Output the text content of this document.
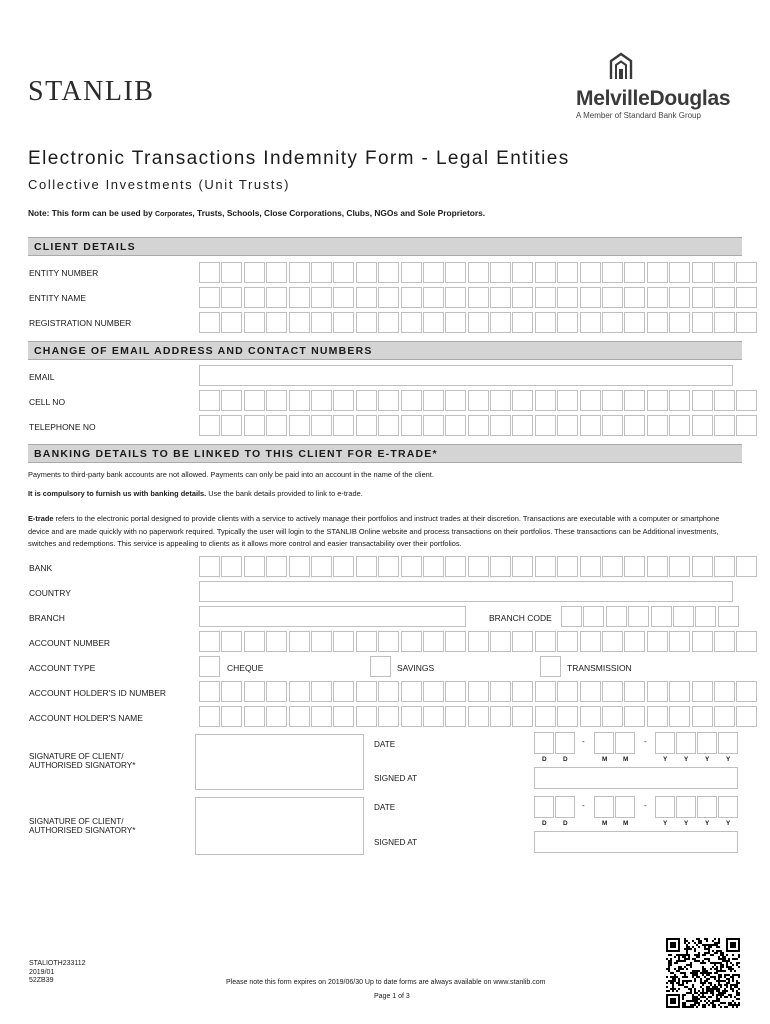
STANLIB	MelvilleDouglas
A Member of Standard Bank Group
Electronic Transactions Indemnity Form - Legal Entities
Collective Investments (Unit Trusts)
Note: This form can be used by Corporates, Trusts, Schools, Close Corporations, Clubs, NGOs and Sole Proprietors.
CLIENT DETAILS
ENTITY NUMBER
ENTITY NAME
REGISTRATION NUMBER
CHANGE OF EMAIL ADDRESS AND CONTACT NUMBERS
EMAIL
CELL NO
TELEPHONE NO
BANKING DETAILS TO BE LINKED TO THIS CLIENT FOR E-TRADE*
Payments to third-party bank accounts are not allowed. Payments can only be paid into an account in the name of the client.
It is compulsory to furnish us with banking details. Use the bank details provided to link to e-trade.
E-trade refers to the electronic portal designed to provide clients with a service to actively manage their portfolios and instruct trades at their discretion. Transactions are executable with a computer or smartphone device and are made quickly with no paperwork required. Typically the user will login to the STANLIB Online website and process transactions on their portfolios. These transactions can be Additional investments, switches and redemptions. This service is appealing to clients as it allows more control and easier transactability over their portfolios.
BANK
COUNTRY
BRANCH	BRANCH CODE
ACCOUNT NUMBER
ACCOUNT TYPE	CHEQUE	SAVINGS	TRANSMISSION
ACCOUNT HOLDER'S ID NUMBER
ACCOUNT HOLDER'S NAME
SIGNATURE OF CLIENT/
AUTHORISED SIGNATORY*
DATE
SIGNED AT
D	D	M M	Y	Y	Y	Y
-	-
SIGNATURE OF CLIENT/
AUTHORISED SIGNATORY*
DATE
SIGNED AT
D	D	M M	Y	Y	Y	Y
-	-
STALIOTH233112
2019/01
52ZB39	Please note this form expires on 2019/06/30 Up to date forms are always available on www.stanlib.com
Page 1 of 3
